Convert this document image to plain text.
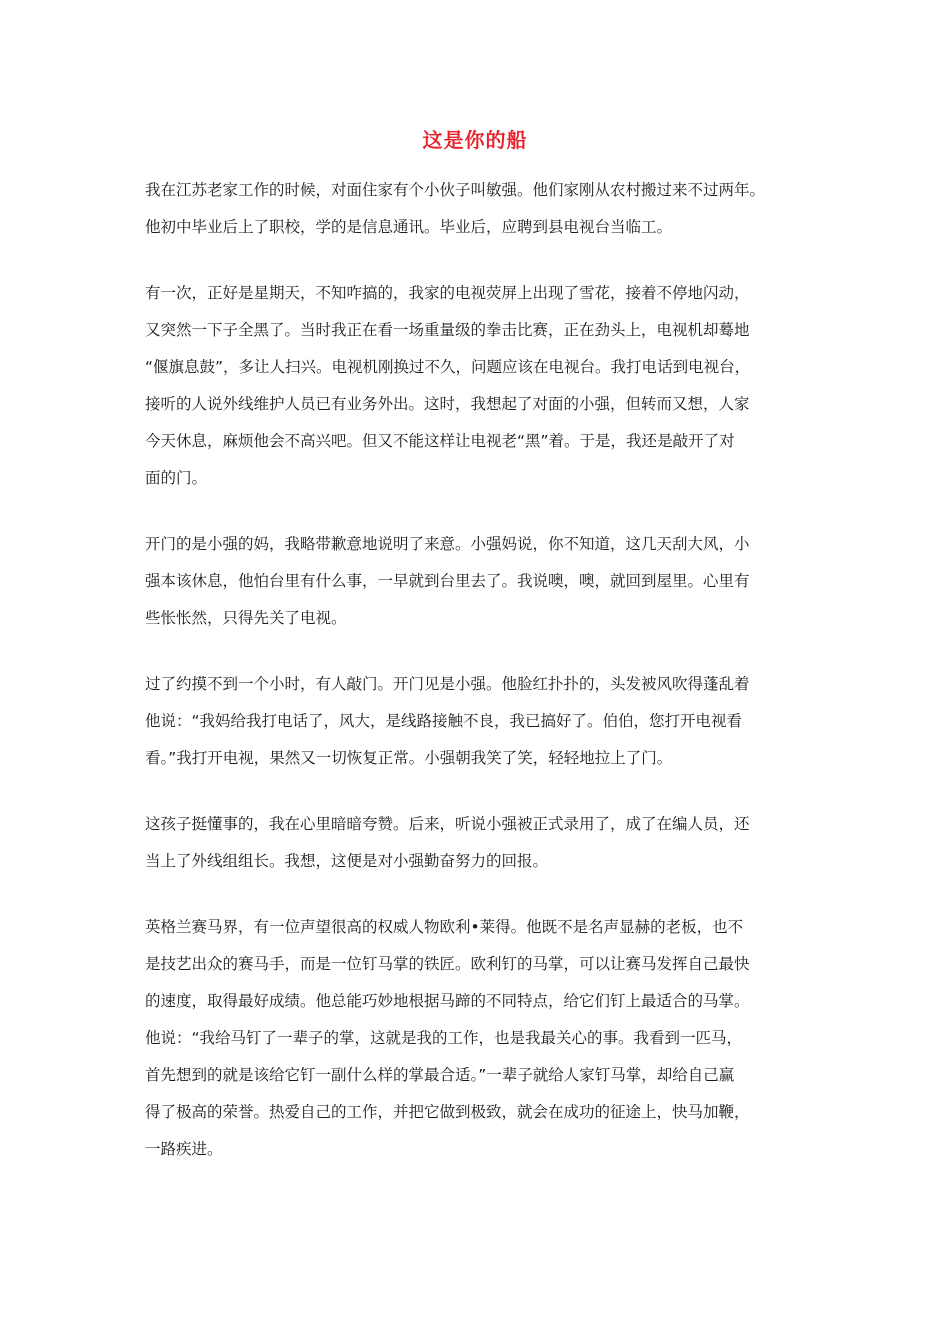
这是你的船
我在江苏老家工作的时候，对面住家有个小伙子叫敏强。他们家刚从农村搬过来不过两年。
他初中毕业后上了职校，学的是信息通讯。毕业后，应聘到县电视台当临工。
有一次，正好是星期天，不知咋搞的，我家的电视荧屏上出现了雪花，接着不停地闪动，
又突然一下子全黑了。当时我正在看一场重量级的拳击比赛，正在劲头上，电视机却蓦地
“偃旗息鼓”，多让人扫兴。电视机刚换过不久，问题应该在电视台。我打电话到电视台，
接听的人说外线维护人员已有业务外出。这时，我想起了对面的小强，但转而又想，人家
今天休息，麻烦他会不高兴吧。但又不能这样让电视老“黑”着。于是，我还是敲开了对
面的门。
开门的是小强的妈，我略带歉意地说明了来意。小强妈说，你不知道，这几天刮大风，小
强本该休息，他怕台里有什么事，一早就到台里去了。我说噢，噢，就回到屋里。心里有
些怅怅然，只得先关了电视。
过了约摸不到一个小时，有人敲门。开门见是小强。他脸红扑扑的，头发被风吹得蓬乱着
他说：“我妈给我打电话了，风大，是线路接触不良，我已搞好了。伯伯，您打开电视看
看。”我打开电视，果然又一切恢复正常。小强朝我笑了笑，轻轻地拉上了门。
这孩子挺懂事的，我在心里暗暗夸赞。后来，听说小强被正式录用了，成了在编人员，还
当上了外线组组长。我想，这便是对小强勤奋努力的回报。
英格兰赛马界，有一位声望很高的权威人物欧利•莱得。他既不是名声显赫的老板，也不
是技艺出众的赛马手，而是一位钉马掌的铁匠。欧利钉的马掌，可以让赛马发挥自己最快
的速度，取得最好成绩。他总能巧妙地根据马蹄的不同特点，给它们钉上最适合的马掌。
他说：“我给马钉了一辈子的掌，这就是我的工作，也是我最关心的事。我看到一匹马，
首先想到的就是该给它钉一副什么样的掌最合适。”一辈子就给人家钉马掌，却给自己赢
得了极高的荣誉。热爱自己的工作，并把它做到极致，就会在成功的征途上，快马加鞭，
一路疾进。
